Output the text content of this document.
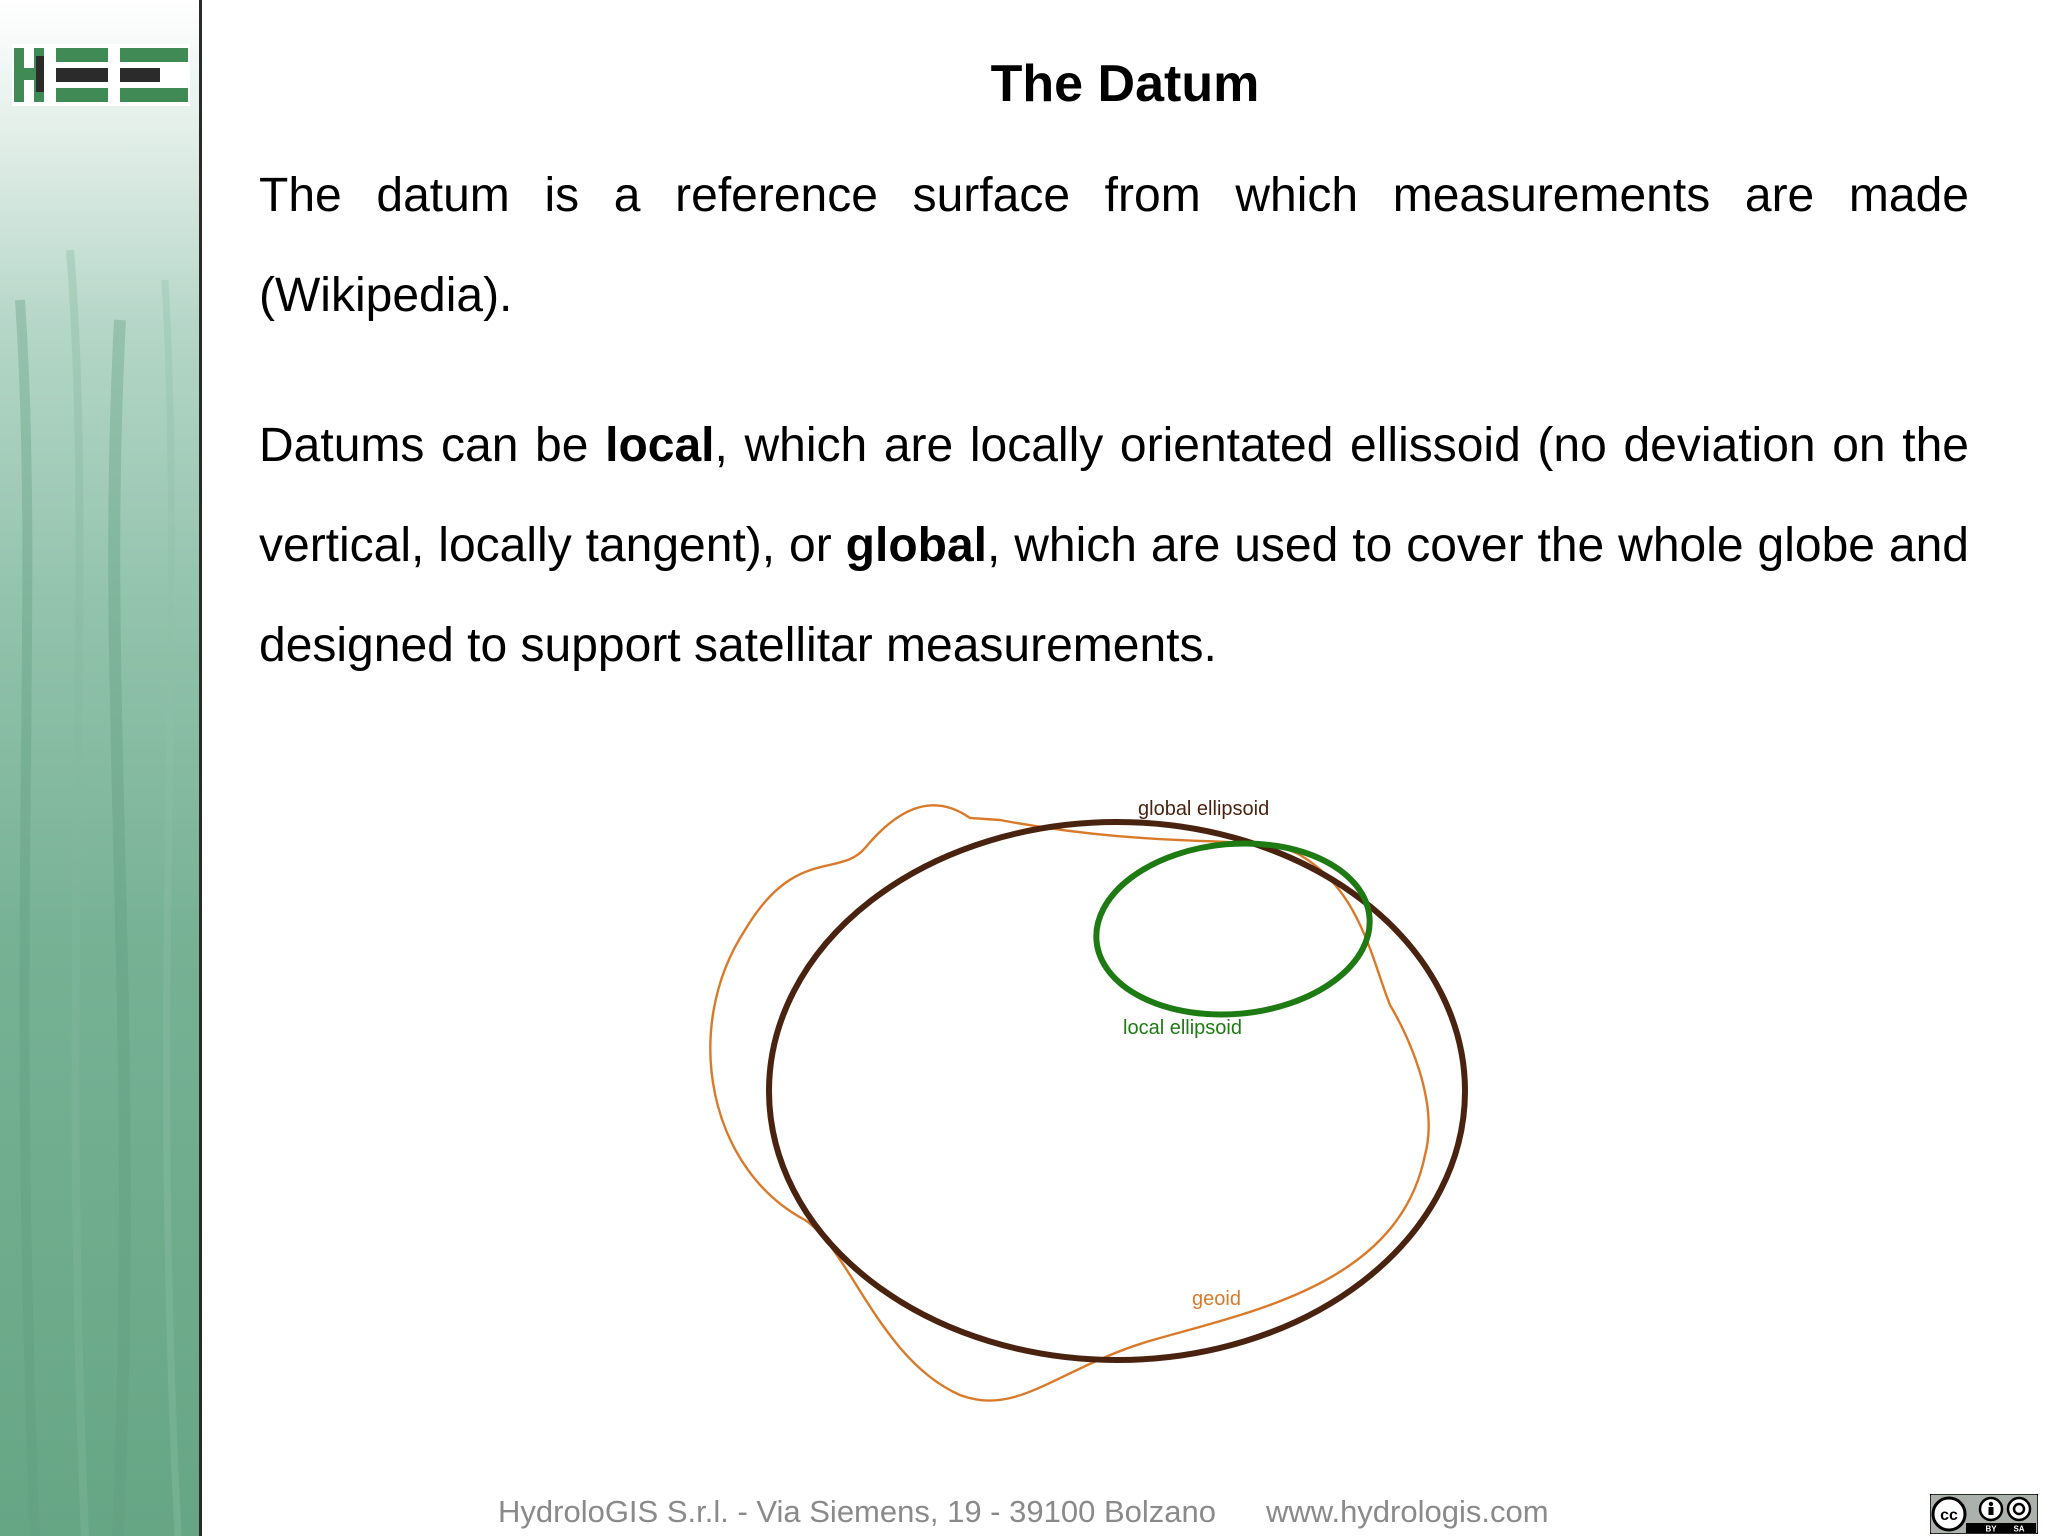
The Datum

The datum is a reference surface from which measurements are made (Wikipedia).

Datums can be local, which are locally orientated ellissoid (no deviation on the vertical, locally tangent), or global, which are used to cover the whole globe and designed to support satellitar measurements.

global ellipsoid
local ellipsoid
geoid
HydroloGIS S.r.l. - Via Siemens, 19 - 39100 Bolzano www.hydrologis.com	cc
BY SA
